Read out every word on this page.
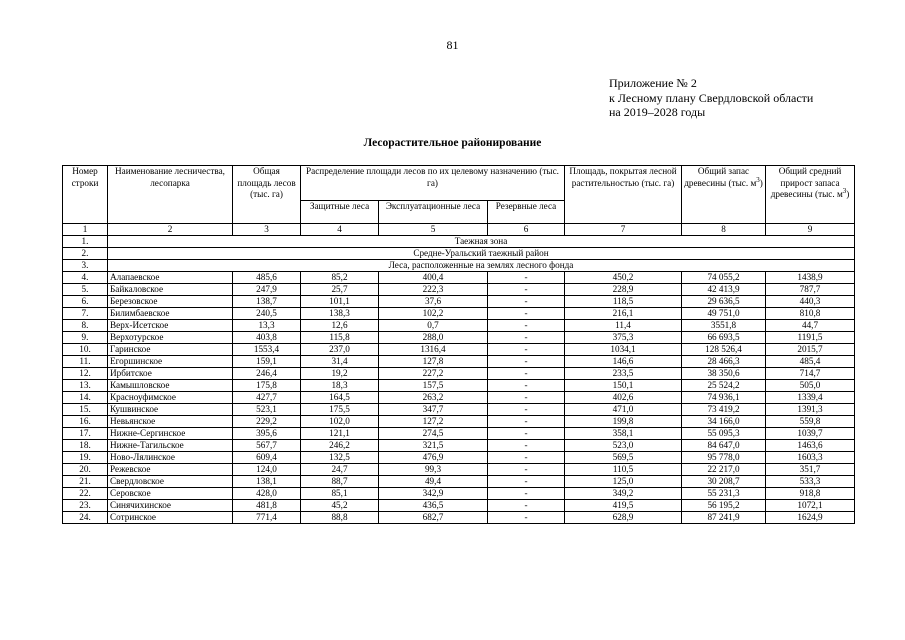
81
Приложение № 2
к Лесному плану Свердловской области
на 2019–2028 годы
Лесорастительное районирование
Номер строки	Наименование лесничества, лесопарка	Общая площадь лесов (тыс. га)	Распределение площади лесов по их целевому назначению (тыс. га)			Площадь, покрытая лесной растительностью (тыс. га)	Общий запас древесины (тыс. $м^3$)	Общий средний прирост запаса древесины (тыс. $м^3$)
			Защитные леса	Эксплуатационные леса	Резервные леса			
1	2	3	4	5	6	7	8	9
1.	Таежная зона							
2.	Средне-Уральский таежный район							
3.	Леса, расположенные на землях лесного фонда							
4.	Алапаевское	485,6	85,2	400,4	-	450,2	74 055,2	1438,9
5.	Байкаловское	247,9	25,7	222,3	-	228,9	42 413,9	787,7
6.	Березовское	138,7	101,1	37,6	-	118,5	29 636,5	440,3
7.	Билимбаевское	240,5	138,3	102,2	-	216,1	49 751,0	810,8
8.	Верх-Исетское	13,3	12,6	0,7	-	11,4	3551,8	44,7
9.	Верхотурское	403,8	115,8	288,0	-	375,3	66 693,5	1191,5
10.	Гаринское	1553,4	237,0	1316,4	-	1034,1	128 526,4	2015,7
11.	Егоршинское	159,1	31,4	127,8	-	146,6	28 466,3	485,4
12.	Ирбитское	246,4	19,2	227,2	-	233,5	38 350,6	714,7
13.	Камышловское	175,8	18,3	157,5	-	150,1	25 524,2	505,0
14.	Красноуфимское	427,7	164,5	263,2	-	402,6	74 936,1	1339,4
15.	Кушвинское	523,1	175,5	347,7	-	471,0	73 419,2	1391,3
16.	Невьянское	229,2	102,0	127,2	-	199,8	34 166,0	559,8
17.	Нижне-Сергинское	395,6	121,1	274,5	-	358,1	55 095,3	1039,7
18.	Нижне-Тагильское	567,7	246,2	321,5	-	523,0	84 647,0	1463,6
19.	Ново-Лялинское	609,4	132,5	476,9	-	569,5	95 778,0	1603,3
20.	Режевское	124,0	24,7	99,3	-	110,5	22 217,0	351,7
21.	Свердловское	138,1	88,7	49,4	-	125,0	30 208,7	533,3
22.	Серовское	428,0	85,1	342,9	-	349,2	55 231,3	918,8
23.	Синячихинское	481,8	45,2	436,5	-	419,5	56 195,2	1072,1
24.	Сотринское	771,4	88,8	682,7	-	628,9	87 241,9	1624,9
